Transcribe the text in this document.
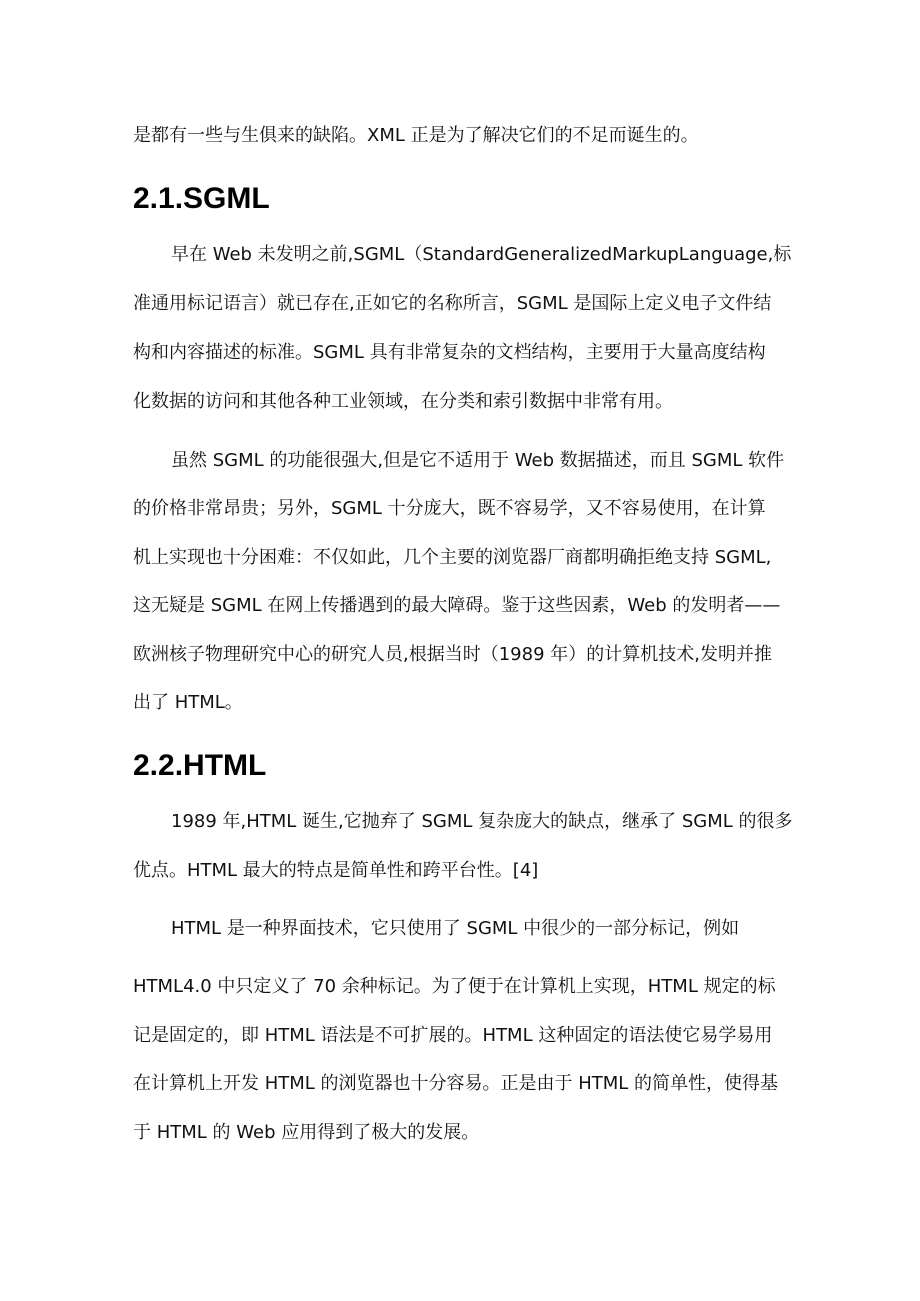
是都有一些与生俱来的缺陷。XML 正是为了解决它们的不足而诞生的。
2.1.SGML
早在 Web 未发明之前,SGML（StandardGeneralizedMarkupLanguage,标
准通用标记语言）就已存在,正如它的名称所言，SGML 是国际上定义电子文件结
构和内容描述的标准。SGML 具有非常复杂的文档结构，主要用于大量高度结构
化数据的访问和其他各种工业领域，在分类和索引数据中非常有用。
虽然 SGML 的功能很强大,但是它不适用于 Web 数据描述，而且 SGML 软件
的价格非常昂贵；另外，SGML 十分庞大，既不容易学，又不容易使用，在计算
机上实现也十分困难：不仅如此，几个主要的浏览器厂商都明确拒绝支持 SGML,
这无疑是 SGML 在网上传播遇到的最大障碍。鉴于这些因素，Web 的发明者——
欧洲核子物理研究中心的研究人员,根据当时（1989 年）的计算机技术,发明并推
出了 HTML。
2.2.HTML
1989 年,HTML 诞生,它抛弃了 SGML 复杂庞大的缺点，继承了 SGML 的很多
优点。HTML 最大的特点是简单性和跨平台性。[4]
HTML 是一种界面技术，它只使用了 SGML 中很少的一部分标记，例如
HTML4.0 中只定义了 70 余种标记。为了便于在计算机上实现，HTML 规定的标
记是固定的，即 HTML 语法是不可扩展的。HTML 这种固定的语法使它易学易用
在计算机上开发 HTML 的浏览器也十分容易。正是由于 HTML 的简单性，使得基
于 HTML 的 Web 应用得到了极大的发展。
